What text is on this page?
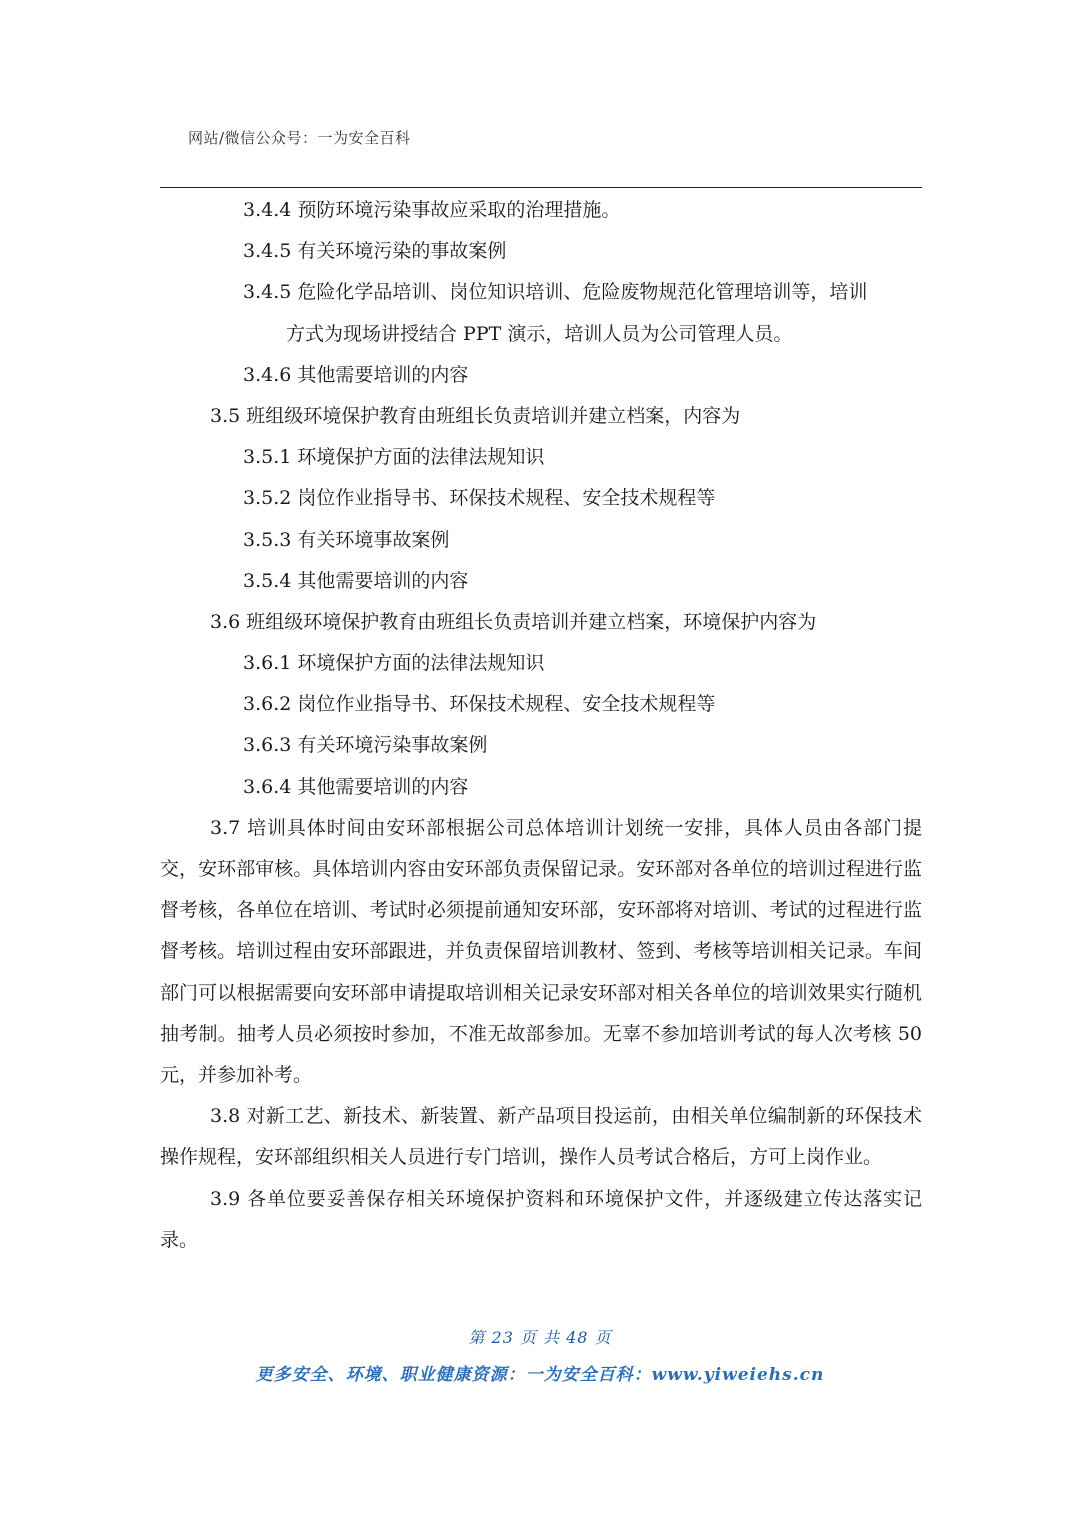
网站/微信公众号：一为安全百科
3.4.4 预防环境污染事故应采取的治理措施。
3.4.5 有关环境污染的事故案例
3.4.5 危险化学品培训、岗位知识培训、危险废物规范化管理培训等，培训
方式为现场讲授结合 PPT 演示，培训人员为公司管理人员。
3.4.6 其他需要培训的内容
3.5 班组级环境保护教育由班组长负责培训并建立档案，内容为
3.5.1 环境保护方面的法律法规知识
3.5.2 岗位作业指导书、环保技术规程、安全技术规程等
3.5.3 有关环境事故案例
3.5.4 其他需要培训的内容
3.6 班组级环境保护教育由班组长负责培训并建立档案，环境保护内容为
3.6.1 环境保护方面的法律法规知识
3.6.2 岗位作业指导书、环保技术规程、安全技术规程等
3.6.3 有关环境污染事故案例
3.6.4 其他需要培训的内容
3.7 培训具体时间由安环部根据公司总体培训计划统一安排，具体人员由各部门提交，安环部审核。具体培训内容由安环部负责保留记录。安环部对各单位的培训过程进行监督考核，各单位在培训、考试时必须提前通知安环部，安环部将对培训、考试的过程进行监督考核。培训过程由安环部跟进，并负责保留培训教材、签到、考核等培训相关记录。车间部门可以根据需要向安环部申请提取培训相关记录安环部对相关各单位的培训效果实行随机抽考制。抽考人员必须按时参加，不准无故部参加。无辜不参加培训考试的每人次考核 50 元，并参加补考。
3.8 对新工艺、新技术、新装置、新产品项目投运前，由相关单位编制新的环保技术操作规程，安环部组织相关人员进行专门培训，操作人员考试合格后，方可上岗作业。
3.9 各单位要妥善保存相关环境保护资料和环境保护文件，并逐级建立传达落实记录。
第 23 页 共 48 页
更多安全、环境、职业健康资源：一为安全百科：www.yiweiehs.cn
